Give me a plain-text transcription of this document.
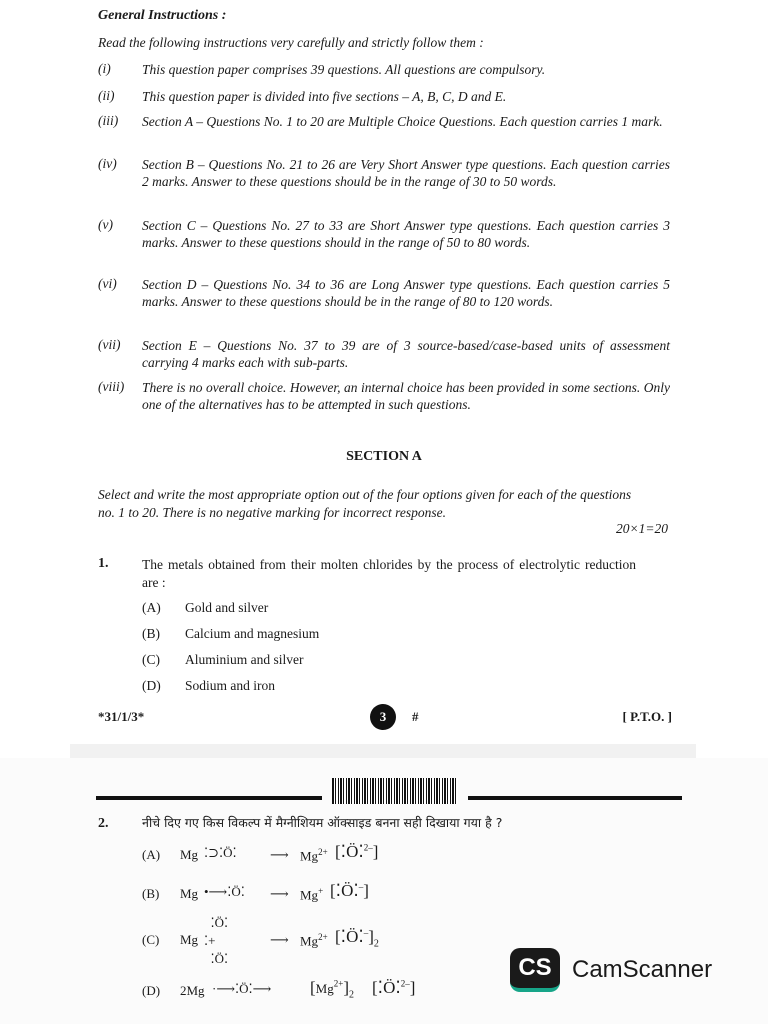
General Instructions :
Read the following instructions very carefully and strictly follow them :
(i) This question paper comprises 39 questions. All questions are compulsory.
(ii) This question paper is divided into five sections – A, B, C, D and E.
(iii) Section A – Questions No. 1 to 20 are Multiple Choice Questions. Each question carries 1 mark.
(iv) Section B – Questions No. 21 to 26 are Very Short Answer type questions. Each question carries 2 marks. Answer to these questions should be in the range of 30 to 50 words.
(v) Section C – Questions No. 27 to 33 are Short Answer type questions. Each question carries 3 marks. Answer to these questions should in the range of 50 to 80 words.
(vi) Section D – Questions No. 34 to 36 are Long Answer type questions. Each question carries 5 marks. Answer to these questions should be in the range of 80 to 120 words.
(vii) Section E – Questions No. 37 to 39 are of 3 source-based/case-based units of assessment carrying 4 marks each with sub-parts.
(viii) There is no overall choice. However, an internal choice has been provided in some sections. Only one of the alternatives has to be attempted in such questions.
SECTION A
Select and write the most appropriate option out of the four options given for each of the questions no. 1 to 20. There is no negative marking for incorrect response.
20×1=20
1. The metals obtained from their molten chlorides by the process of electrolytic reduction are :
(A) Gold and silver
(B) Calcium and magnesium
(C) Aluminium and silver
(D) Sodium and iron
*31/1/3*	3	#	[ P.T.O. ]
2.	नीचे दिए गए किस विकल्प में मैग्नीशियम ऑक्साइड बनना सही दिखाया गया है ?
(A) Mg ⁚⊃⁚Ö⁚	⟶ $Mg^{2+}$ [⁚Ö⁚$^{2-}$]
(B) Mg •⟶⁚Ö⁚ ⟶ Mg+ [⁚Ö⁚–]
(C) Mg
⁚Ö⁚
⁚+
⁚Ö⁚
⟶ $Mg^{2+}$ $[⁚Ö⁚^-]_2$
(D) 2Mg ·⟶⁚Ö⁚⟶ $[Mg^{2+}]_2$ [⁚Ö⁚$^{2-}$]
CS CamScanner
